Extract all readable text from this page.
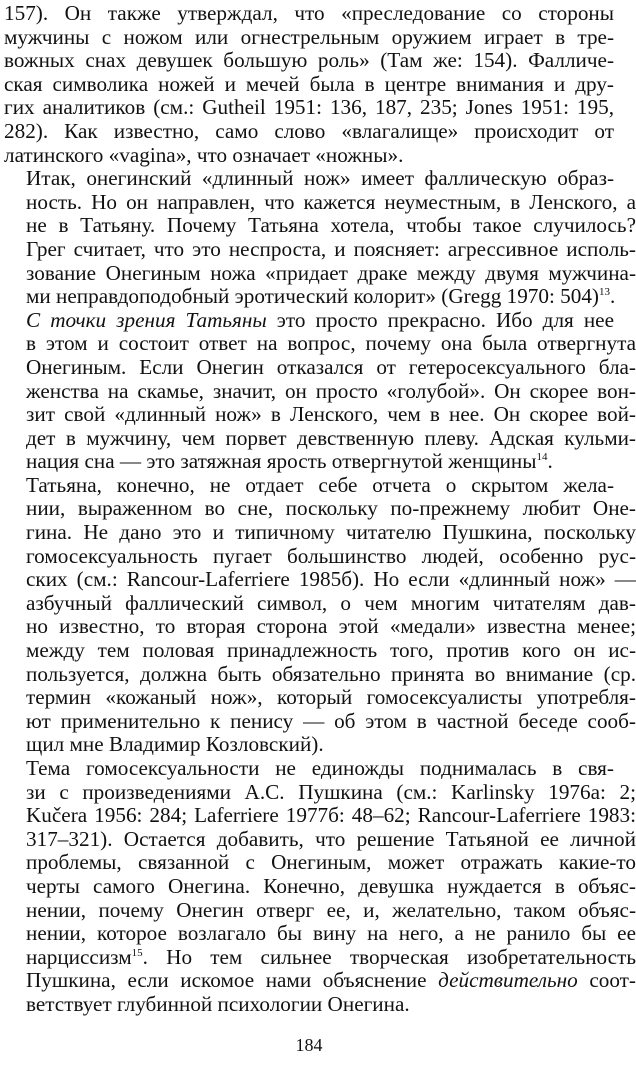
157). Он также утверждал, что «преследование со стороны
мужчины с ножом или огнестрельным оружием играет в тре-
вожных снах девушек большую роль» (Там же: 154). Фалличе-
ская символика ножей и мечей была в центре внимания и дру-
гих аналитиков (см.: Gutheil 1951: 136, 187, 235; Jones 1951: 195,
282). Как известно, само слово «влагалище» происходит от
латинского «vagina», что означает «ножны».

Итак, онегинский «длинный нож» имеет фаллическую образ-
ность. Но он направлен, что кажется неуместным, в Ленского, а
не в Татьяну. Почему Татьяна хотела, чтобы такое случилось?
Грег считает, что это неспроста, и поясняет: агрессивное исполь-
зование Онегиным ножа «придает драке между двумя мужчина-
ми неправдоподобный эротический колорит» (Gregg 1970: 504)$^{13}$.

С точки зрения Татьяны это просто прекрасно. Ибо для нее
в этом и состоит ответ на вопрос, почему она была отвергнута
Онегиным. Если Онегин отказался от гетеросексуального бла-
женства на скамье, значит, он просто «голубой». Он скорее вон-
зит свой «длинный нож» в Ленского, чем в нее. Он скорее вой-
дет в мужчину, чем порвет девственную плеву. Адская кульми-
нация сна — это затяжная ярость отвергнутой женщины$^{14}$.

Татьяна, конечно, не отдает себе отчета о скрытом жела-
нии, выраженном во сне, поскольку по-прежнему любит Оне-
гина. Не дано это и типичному читателю Пушкина, поскольку
гомосексуальность пугает большинство людей, особенно рус-
ских (см.: Rancour-Laferriere 1985б). Но если «длинный нож» —
азбучный фаллический символ, о чем многим читателям дав-
но известно, то вторая сторона этой «медали» известна менее;
между тем половая принадлежность того, против кого он ис-
пользуется, должна быть обязательно принята во внимание (ср.
термин «кожаный нож», который гомосексуалисты употребля-
ют применительно к пенису — об этом в частной беседе сооб-
щил мне Владимир Козловский).

Тема гомосексуальности не единожды поднималась в свя-
зи с произведениями А.С. Пушкина (см.: Karlinsky 1976а: 2;
Kučera 1956: 284; Laferriere 1977б: 48–62; Rancour-Laferriere 1983:
317–321). Остается добавить, что решение Татьяной ее личной
проблемы, связанной с Онегиным, может отражать какие-то
черты самого Онегина. Конечно, девушка нуждается в объяс-
нении, почему Онегин отверг ее, и, желательно, таком объяс-
нении, которое возлагало бы вину на него, а не ранило бы ее
нарциссизм$^{15}$. Но тем сильнее творческая изобретательность
Пушкина, если искомое нами объяснение действительно соот-
ветствует глубинной психологии Онегина.

184
